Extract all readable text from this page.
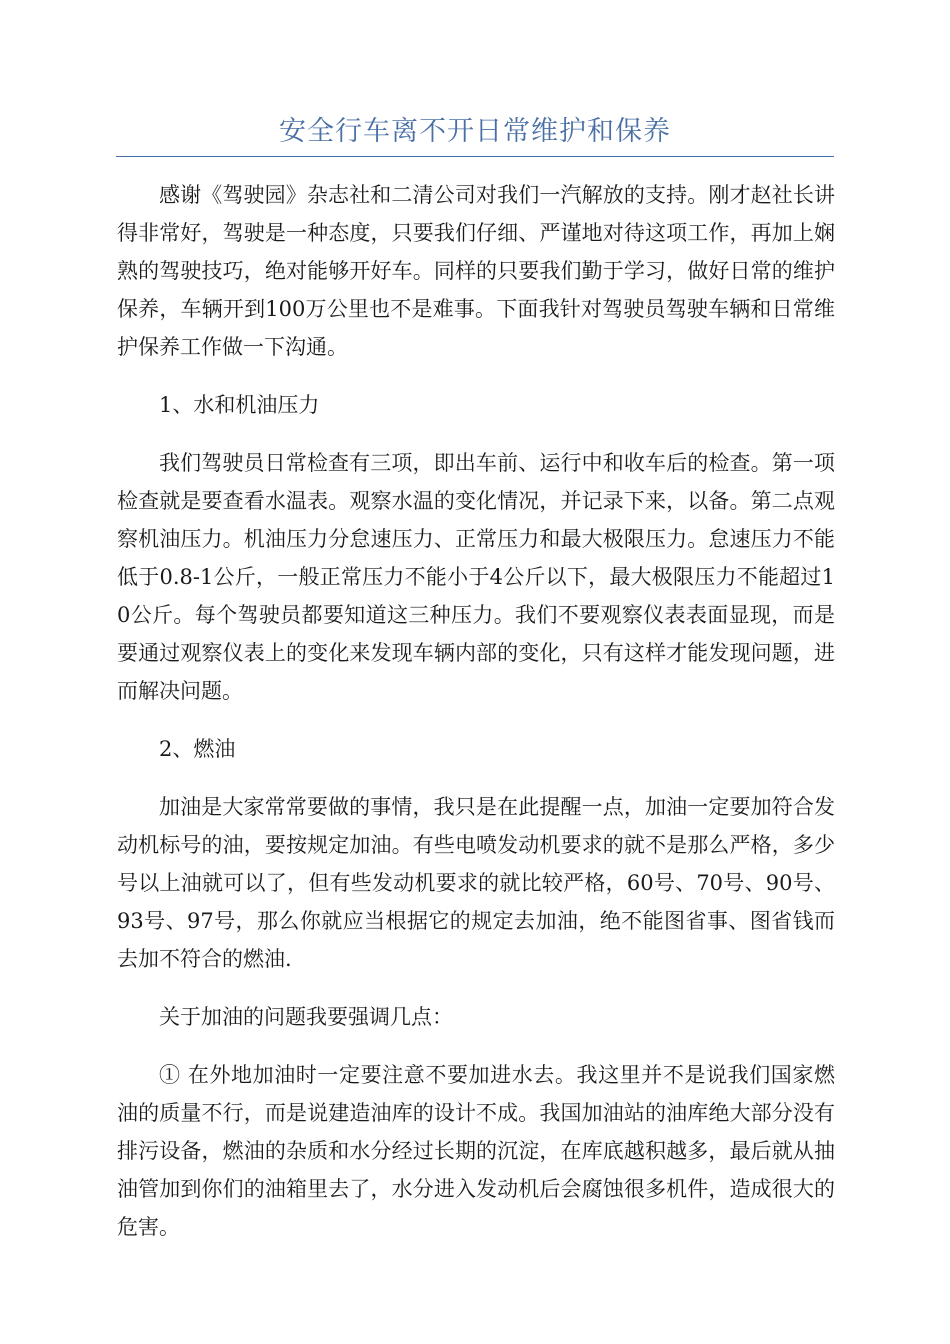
安全行车离不开日常维护和保养

感谢《驾驶园》杂志社和二清公司对我们一汽解放的支持。刚才赵社长讲得非常好，驾驶是一种态度，只要我们仔细、严谨地对待这项工作，再加上娴熟的驾驶技巧，绝对能够开好车。同样的只要我们勤于学习，做好日常的维护保养，车辆开到100万公里也不是难事。下面我针对驾驶员驾驶车辆和日常维护保养工作做一下沟通。

1、水和机油压力

我们驾驶员日常检查有三项，即出车前、运行中和收车后的检查。第一项检查就是要查看水温表。观察水温的变化情况，并记录下来，以备。第二点观察机油压力。机油压力分怠速压力、正常压力和最大极限压力。怠速压力不能低于0.8-1公斤，一般正常压力不能小于4公斤以下，最大极限压力不能超过10公斤。每个驾驶员都要知道这三种压力。我们不要观察仪表表面显现，而是要通过观察仪表上的变化来发现车辆内部的变化，只有这样才能发现问题，进而解决问题。

2、燃油

加油是大家常常要做的事情，我只是在此提醒一点，加油一定要加符合发动机标号的油，要按规定加油。有些电喷发动机要求的就不是那么严格，多少号以上油就可以了，但有些发动机要求的就比较严格，60号、70号、90号、93号、97号，那么你就应当根据它的规定去加油，绝不能图省事、图省钱而去加不符合的燃油.

关于加油的问题我要强调几点：

① 在外地加油时一定要注意不要加进水去。我这里并不是说我们国家燃油的质量不行，而是说建造油库的设计不成。我国加油站的油库绝大部分没有排污设备，燃油的杂质和水分经过长期的沉淀，在库底越积越多，最后就从抽油管加到你们的油箱里去了，水分进入发动机后会腐蚀很多机件，造成很大的危害。
